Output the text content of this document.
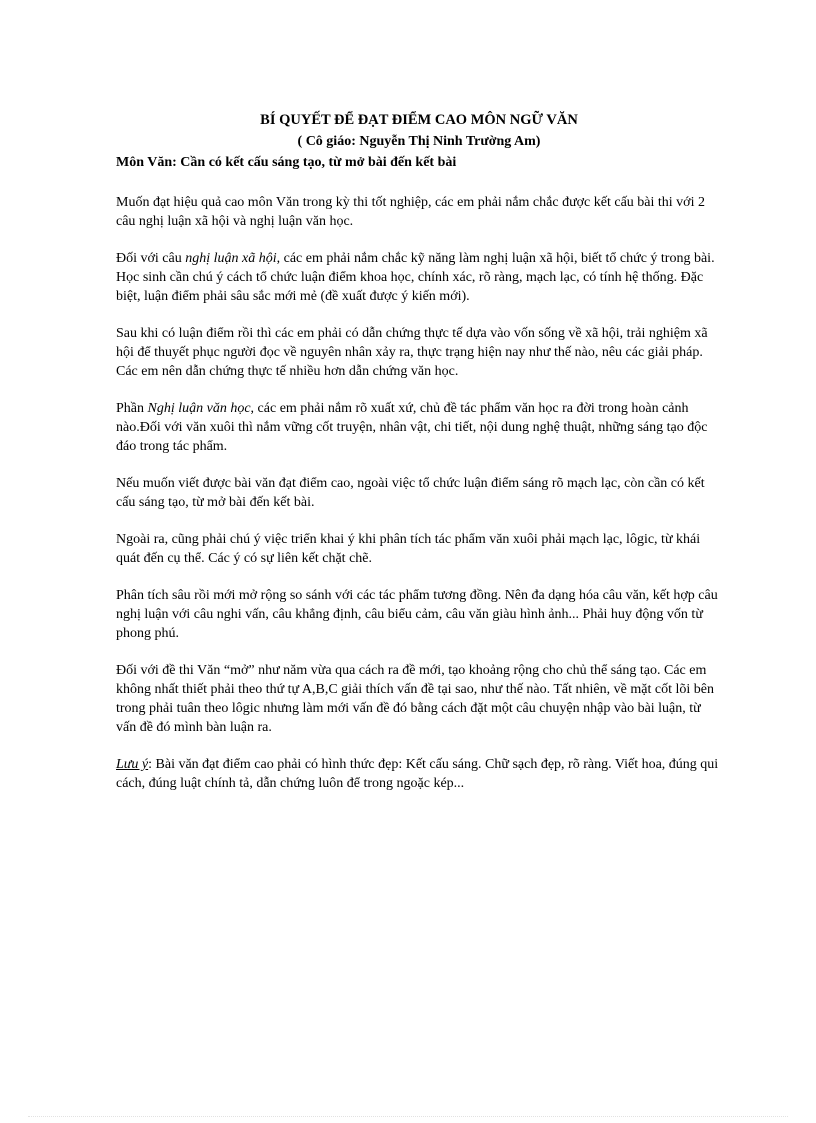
BÍ QUYẾT ĐỂ ĐẠT ĐIỂM CAO MÔN NGỮ VĂN

( Cô giáo: Nguyễn Thị Ninh Trường Am)

Môn Văn: Cần có kết cấu sáng tạo, từ mở bài đến kết bài

Muốn đạt hiệu quả cao môn Văn trong kỳ thi tốt nghiệp, các em phải nắm chắc được kết cấu bài thi với 2 câu nghị luận xã hội và nghị luận văn học.

Đối với câu nghị luận xã hội, các em phải nắm chắc kỹ năng làm nghị luận xã hội, biết tổ chức ý trong bài. Học sinh cần chú ý cách tổ chức luận điểm khoa học, chính xác, rõ ràng, mạch lạc, có tính hệ thống. Đặc biệt, luận điểm phải sâu sắc mới mẻ (đề xuất được ý kiến mới).

Sau khi có luận điểm rồi thì các em phải có dẫn chứng thực tế dựa vào vốn sống về xã hội, trải nghiệm xã hội để thuyết phục người đọc về nguyên nhân xảy ra, thực trạng hiện nay như thế nào, nêu các giải pháp. Các em nên dẫn chứng thực tế nhiều hơn dẫn chứng văn học.

Phần Nghị luận văn học, các em phải nắm rõ xuất xứ, chủ đề tác phẩm văn học ra đời trong hoàn cảnh nào.Đối với văn xuôi thì nắm vững cốt truyện, nhân vật, chi tiết, nội dung nghệ thuật, những sáng tạo độc đáo trong tác phẩm.

Nếu muốn viết được bài văn đạt điểm cao, ngoài việc tổ chức luận điểm sáng rõ mạch lạc, còn cần có kết cấu sáng tạo, từ mở bài đến kết bài.

Ngoài ra, cũng phải chú ý việc triển khai ý khi phân tích tác phẩm văn xuôi phải mạch lạc, lôgic, từ khái quát đến cụ thể. Các ý có sự liên kết chặt chẽ.

Phân tích sâu rồi mới mở rộng so sánh với các tác phẩm tương đồng. Nên đa dạng hóa câu văn, kết hợp câu nghị luận với câu nghi vấn, câu khẳng định, câu biểu cảm, câu văn giàu hình ảnh... Phải huy động vốn từ phong phú.

Đối với đề thi Văn “mở” như năm vừa qua cách ra đề mới, tạo khoảng rộng cho chủ thể sáng tạo. Các em không nhất thiết phải theo thứ tự A,B,C giải thích vấn đề tại sao, như thế nào. Tất nhiên, về mặt cốt lõi bên trong phải tuân theo lôgic nhưng làm mới vấn đề đó bằng cách đặt một câu chuyện nhập vào bài luận, từ vấn đề đó mình bàn luận ra.

Lưu ý: Bài văn đạt điểm cao phải có hình thức đẹp: Kết cấu sáng. Chữ sạch đẹp, rõ ràng. Viết hoa, đúng qui cách, đúng luật chính tả, dẫn chứng luôn để trong ngoặc kép...
